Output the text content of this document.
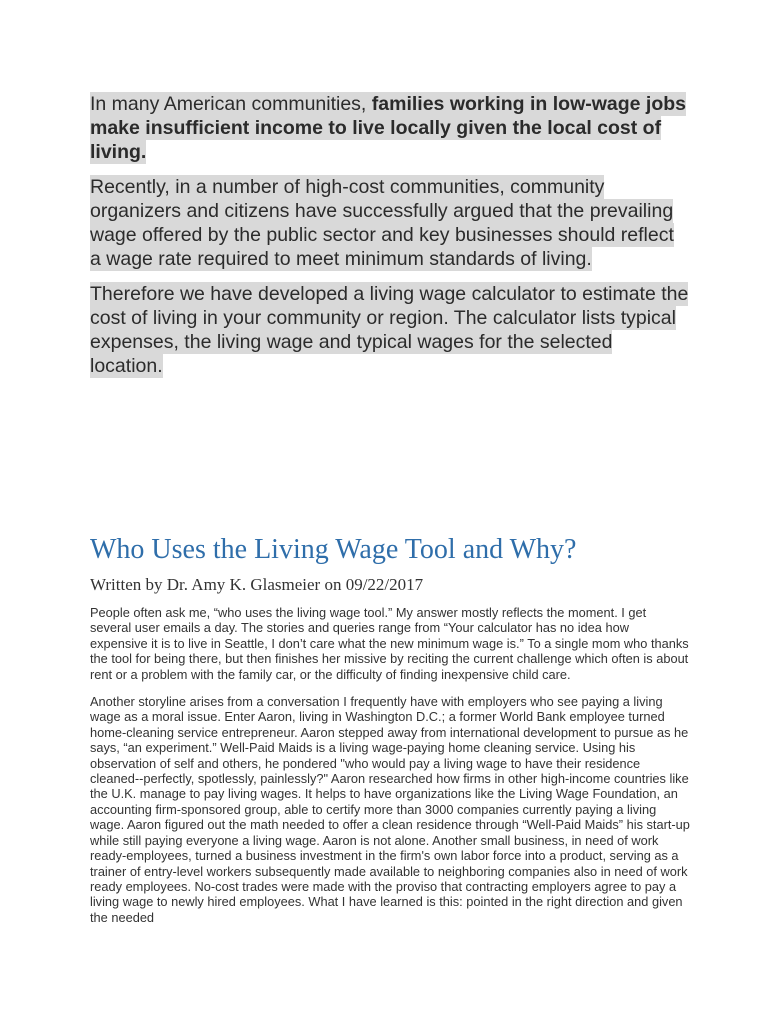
In many American communities, families working in low-wage jobs make insufficient income to live locally given the local cost of living.

Recently, in a number of high-cost communities, community organizers and citizens have successfully argued that the prevailing wage offered by the public sector and key businesses should reflect a wage rate required to meet minimum standards of living.

Therefore we have developed a living wage calculator to estimate the cost of living in your community or region. The calculator lists typical expenses, the living wage and typical wages for the selected location.

Who Uses the Living Wage Tool and Why?
Written by Dr. Amy K. Glasmeier on 09/22/2017

People often ask me, “who uses the living wage tool.” My answer mostly reflects the moment. I get several user emails a day. The stories and queries range from “Your calculator has no idea how expensive it is to live in Seattle, I don’t care what the new minimum wage is.” To a single mom who thanks the tool for being there, but then finishes her missive by reciting the current challenge which often is about rent or a problem with the family car, or the difficulty of finding inexpensive child care.

Another storyline arises from a conversation I frequently have with employers who see paying a living wage as a moral issue. Enter Aaron, living in Washington D.C.; a former World Bank employee turned home-cleaning service entrepreneur. Aaron stepped away from international development to pursue as he says, “an experiment.” Well-Paid Maids is a living wage-paying home cleaning service. Using his observation of self and others, he pondered "who would pay a living wage to have their residence cleaned--perfectly, spotlessly, painlessly?" Aaron researched how firms in other high-income countries like the U.K. manage to pay living wages. It helps to have organizations like the Living Wage Foundation, an accounting firm-sponsored group, able to certify more than 3000 companies currently paying a living wage. Aaron figured out the math needed to offer a clean residence through “Well-Paid Maids” his start-up while still paying everyone a living wage. Aaron is not alone. Another small business, in need of work ready-employees, turned a business investment in the firm's own labor force into a product, serving as a trainer of entry-level workers subsequently made available to neighboring companies also in need of work ready employees. No-cost trades were made with the proviso that contracting employers agree to pay a living wage to newly hired employees. What I have learned is this: pointed in the right direction and given the needed
